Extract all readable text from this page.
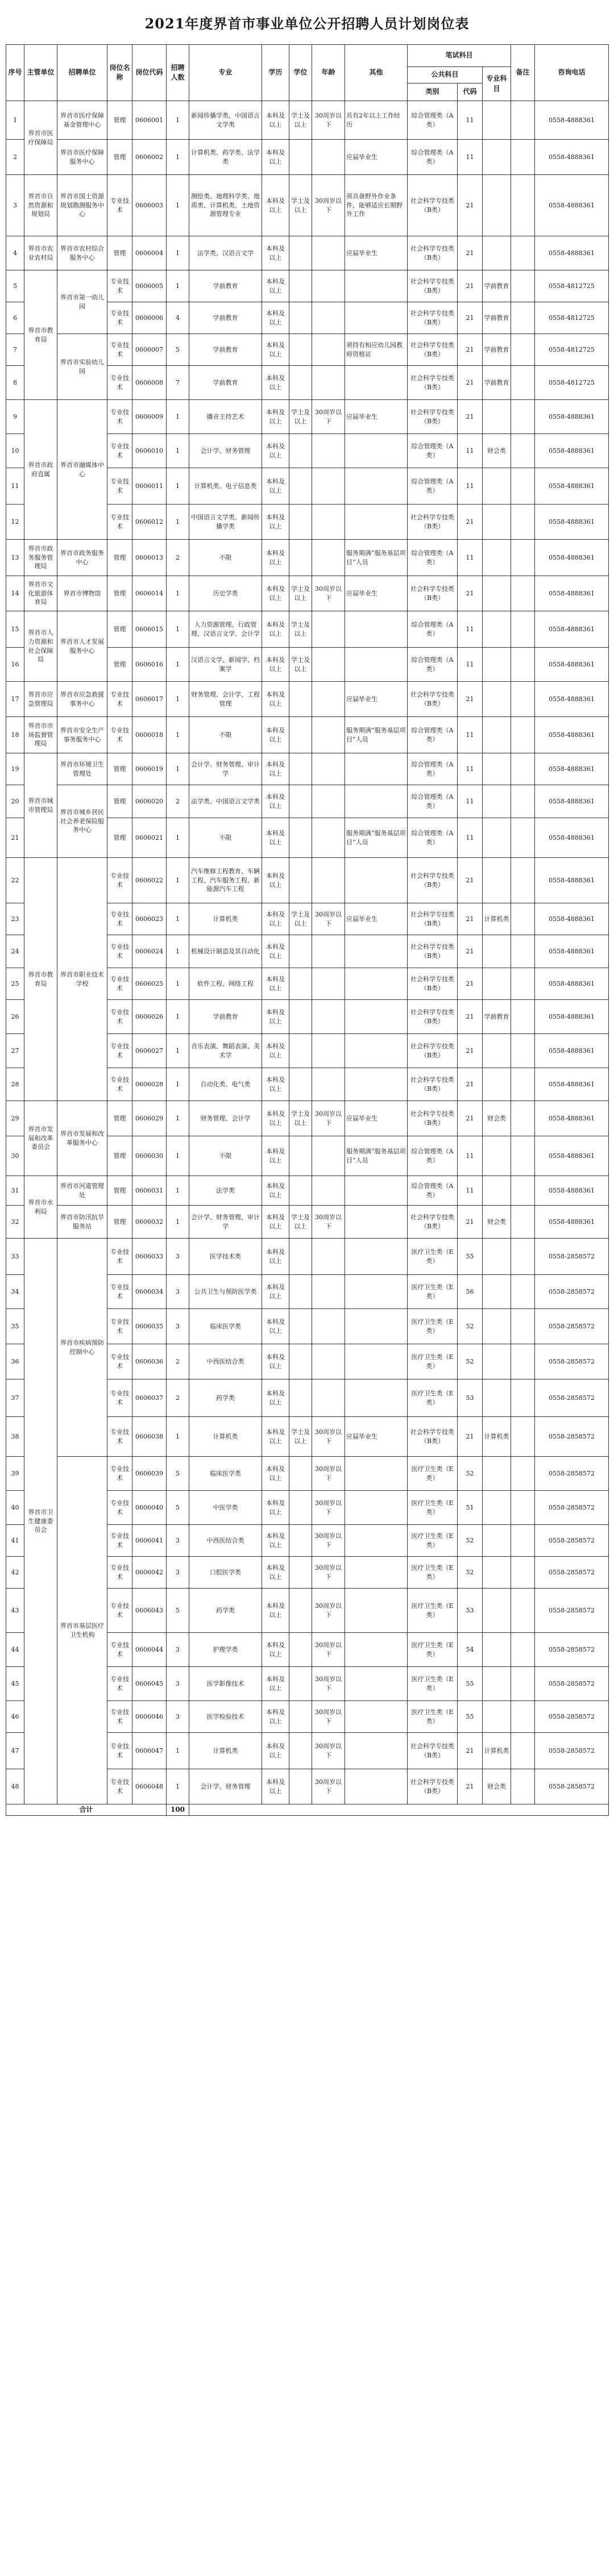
2021年度界首市事业单位公开招聘人员计划岗位表
序号	主管单位	招聘单位	岗位名称	岗位代码	招聘人数	专业	学历	学位	年龄	其他	笔试科目			备注	咨询电话
											公共科目		专业科目		
											类别	代码			
1	界首市医疗保障局	界首市医疗保障基金管理中心	管理	0606001	1	新闻传播学类、中国语言文学类	本科及以上	学士及以上	30周岁以下	具有2年以上工作经历	综合管理类（A类）	11			0558-4888361
2		界首市医疗保障服务中心	管理	0606002	1	计算机类、药学类、法学类	本科及以上			应届毕业生	综合管理类（A类）	11			0558-4888361
3	界首市自然资源和规划局	界首市国土资源规划勘测服务中心	专业技术	0606003	1	测绘类、地理科学类、地质类、计算机类、土地资源管理专业	本科及以上	学士及以上	30周岁以下	须具备野外作业条件，能够适应长期野外工作	社会科学专技类（B类）	21			0558-4888361
4	界首市农业农村局	界首市农村综合服务中心	管理	0606004	1	法学类、汉语言文学	本科及以上			应届毕业生	社会科学专技类（B类）	21			0558-4888361
5	界首市教育局	界首市第一幼儿园	专业技术	0606005	1	学前教育	本科及以上				社会科学专技类（B类）	21	学前教育		0558-4812725
6			专业技术	0606006	4	学前教育	本科及以上				社会科学专技类（B类）	21	学前教育		0558-4812725
7		界首市实验幼儿园	专业技术	0606007	5	学前教育	本科及以上			须持有相应幼儿园教师资格证	社会科学专技类（B类）	21	学前教育		0558-4812725
8			专业技术	0606008	7	学前教育	本科及以上				社会科学专技类（B类）	21	学前教育		0558-4812725
9	界首市政府直属	界首市融媒体中心	专业技术	0606009	1	播音主持艺术	本科及以上	学士及以上	30周岁以下	应届毕业生	社会科学专技类（B类）	21			0558-4888361
10			专业技术	0606010	1	会计学、财务管理	本科及以上				综合管理类（A类）	11	财会类		0558-4888361
11			专业技术	0606011	1	计算机类、电子信息类	本科及以上				综合管理类（A类）	11			0558-4888361
12			专业技术	0606012	1	中国语言文学类、新闻传播学类	本科及以上				社会科学专技类（B类）	21			0558-4888361
13	界首市政务服务管理局	界首市政务服务中心	管理	0606013	2	不限	本科及以上			服务期满“服务基层项目”人员	综合管理类（A类）	11			0558-4888361
14	界首市文化旅游体育局	界首市博物馆	管理	0606014	1	历史学类	本科及以上	学士及以上	30周岁以下	应届毕业生	社会科学专技类（B类）	21			0558-4888361
15	界首市人力资源和社会保障局	界首市人才发展服务中心	管理	0606015	1	人力资源管理、行政管理、汉语言文学、会计学	本科及以上	学士及以上			综合管理类（A类）	11			0558-4888361
16			管理	0606016	1	汉语言文学、新闻学、档案学	本科及以上	学士及以上			综合管理类（A类）	11			0558-4888361
17	界首市应急管理局	界首市应急救援事务中心	专业技术	0606017	1	财务管理、会计学、工程管理	本科及以上			应届毕业生	社会科学专技类（B类）	21			0558-4888361
18	界首市市场监督管理局	界首市安全生产事务服务中心	专业技术	0606018	1	不限	本科及以上			服务期满“服务基层项目”人员	综合管理类（A类）	11			0558-4888361
19	界首市城市管理局	界首市环境卫生管理处	管理	0606019	1	会计学、财务管理、审计学	本科及以上				综合管理类（A类）	11			0558-4888361
20		界首市城乡居民社会养老保险服务中心	管理	0606020	2	法学类、中国语言文学类	本科及以上				综合管理类（A类）	11			0558-4888361
21			管理	0606021	1	不限	本科及以上			服务期满“服务基层项目”人员	综合管理类（A类）	11			0558-4888361
22	界首市教育局	界首市职业技术学校	专业技术	0606022	1	汽车维修工程教育、车辆工程、汽车服务工程、新能源汽车工程	本科及以上				社会科学专技类（B类）	21			0558-4888361
23			专业技术	0606023	1	计算机类	本科及以上	学士及以上	30周岁以下	应届毕业生	社会科学专技类（B类）	21	计算机类		0558-4888361
24			专业技术	0606024	1	机械设计制造及其自动化	本科及以上				社会科学专技类（B类）	21			0558-4888361
25			专业技术	0606025	1	软件工程、网络工程	本科及以上				社会科学专技类（B类）	21			0558-4888361
26			专业技术	0606026	1	学前教育	本科及以上				社会科学专技类（B类）	21	学前教育		0558-4888361
27			专业技术	0606027	1	音乐表演、舞蹈表演、美术学	本科及以上				社会科学专技类（B类）	21			0558-4888361
28			专业技术	0606028	1	自动化类、电气类	本科及以上				社会科学专技类（B类）	21			0558-4888361
29	界首市发展和改革委员会	界首市发展和改革服务中心	管理	0606029	1	财务管理、会计学	本科及以上	学士及以上	30周岁以下	应届毕业生	社会科学专技类（B类）	21	财会类		0558-4888361
30			管理	0606030	1	不限	本科及以上			服务期满“服务基层项目”人员	综合管理类（A类）	11			0558-4888361
31	界首市水利局	界首市河道管理处	管理	0606031	1	法学类	本科及以上				综合管理类（A类）	11			0558-4888361
32		界首市防汛抗旱服务站	管理	0606032	1	会计学、财务管理、审计学	本科及以上	学士及以上	30周岁以下		社会科学专技类（B类）	21	财会类		0558-4888361
33	界首市卫生健康委员会	界首市疾病预防控制中心	专业技术	0606033	3	医学技术类	本科及以上				医疗卫生类（E类）	55			0558-2858572
34			专业技术	0606034	3	公共卫生与预防医学类	本科及以上				医疗卫生类（E类）	56			0558-2858572
35			专业技术	0606035	3	临床医学类	本科及以上				医疗卫生类（E类）	52			0558-2858572
36			专业技术	0606036	2	中西医结合类	本科及以上				医疗卫生类（E类）	52			0558-2858572
37			专业技术	0606037	2	药学类	本科及以上				医疗卫生类（E类）	53			0558-2858572
38			专业技术	0606038	1	计算机类	本科及以上	学士及以上	30周岁以下	应届毕业生	社会科学专技类（B类）	21	计算机类		0558-2858572
39		界首市基层医疗卫生机构	专业技术	0606039	5	临床医学类	本科及以上		30周岁以下		医疗卫生类（E类）	52			0558-2858572
40			专业技术	0606040	5	中医学类	本科及以上		30周岁以下		医疗卫生类（E类）	51			0558-2858572
41			专业技术	0606041	3	中西医结合类	本科及以上		30周岁以下		医疗卫生类（E类）	52			0558-2858572
42			专业技术	0606042	3	口腔医学类	本科及以上		30周岁以下		医疗卫生类（E类）	52			0558-2858572
43			专业技术	0606043	5	药学类	本科及以上		30周岁以下		医疗卫生类（E类）	53			0558-2858572
44			专业技术	0606044	3	护理学类	本科及以上		30周岁以下		医疗卫生类（E类）	54			0558-2858572
45			专业技术	0606045	3	医学影像技术	本科及以上		30周岁以下		医疗卫生类（E类）	55			0558-2858572
46			专业技术	0606046	3	医学检验技术	本科及以上		30周岁以下		医疗卫生类（E类）	55			0558-2858572
47			专业技术	0606047	1	计算机类	本科及以上		30周岁以下		社会科学专技类（B类）	21	计算机类		0558-2858572
48			专业技术	0606048	1	会计学、财务管理	本科及以上		30周岁以下		社会科学专技类（B类）	21	财会类		0558-2858572
合计					100										
